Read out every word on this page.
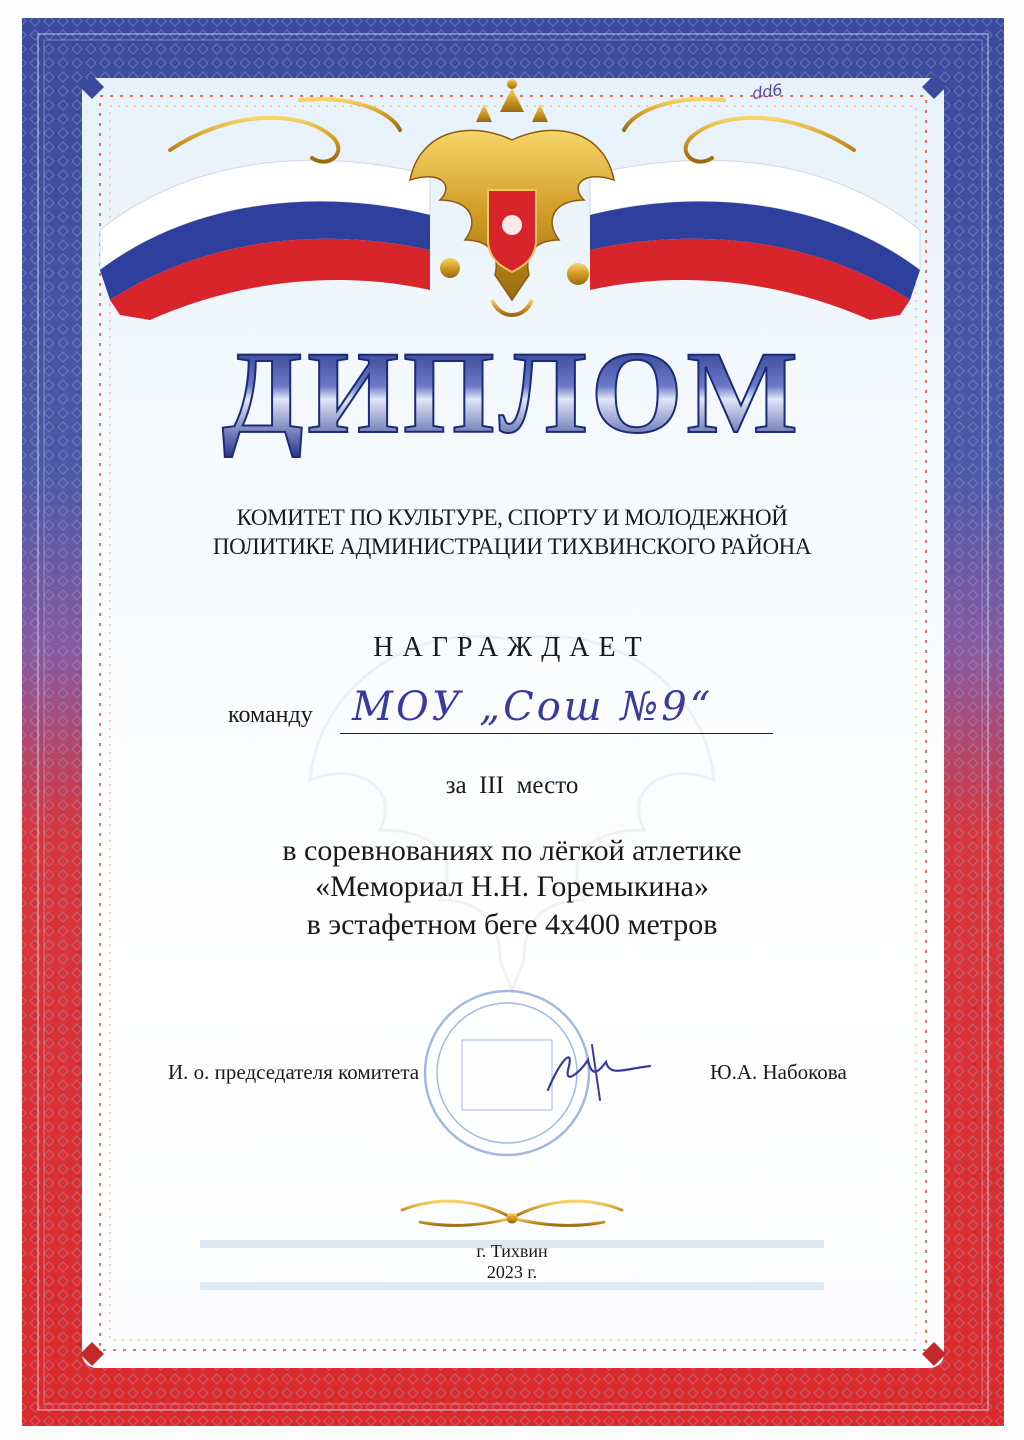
ДИПЛОМ
dd6
КОМИТЕТ ПО КУЛЬТУРЕ, СПОРТУ И МОЛОДЕЖНОЙ
ПОЛИТИКЕ АДМИНИСТРАЦИИ ТИХВИНСКОГО РАЙОНА
НАГРАЖДАЕТ
команду МОУ „Сош №9“
за  III  место
в соревнованиях по лёгкой атлетике
«Мемориал Н.Н. Горемыкина»
в эстафетном беге 4х400 метров
И. о. председателя комитета	Ю.А. Набокова
г. Тихвин
2023 г.
